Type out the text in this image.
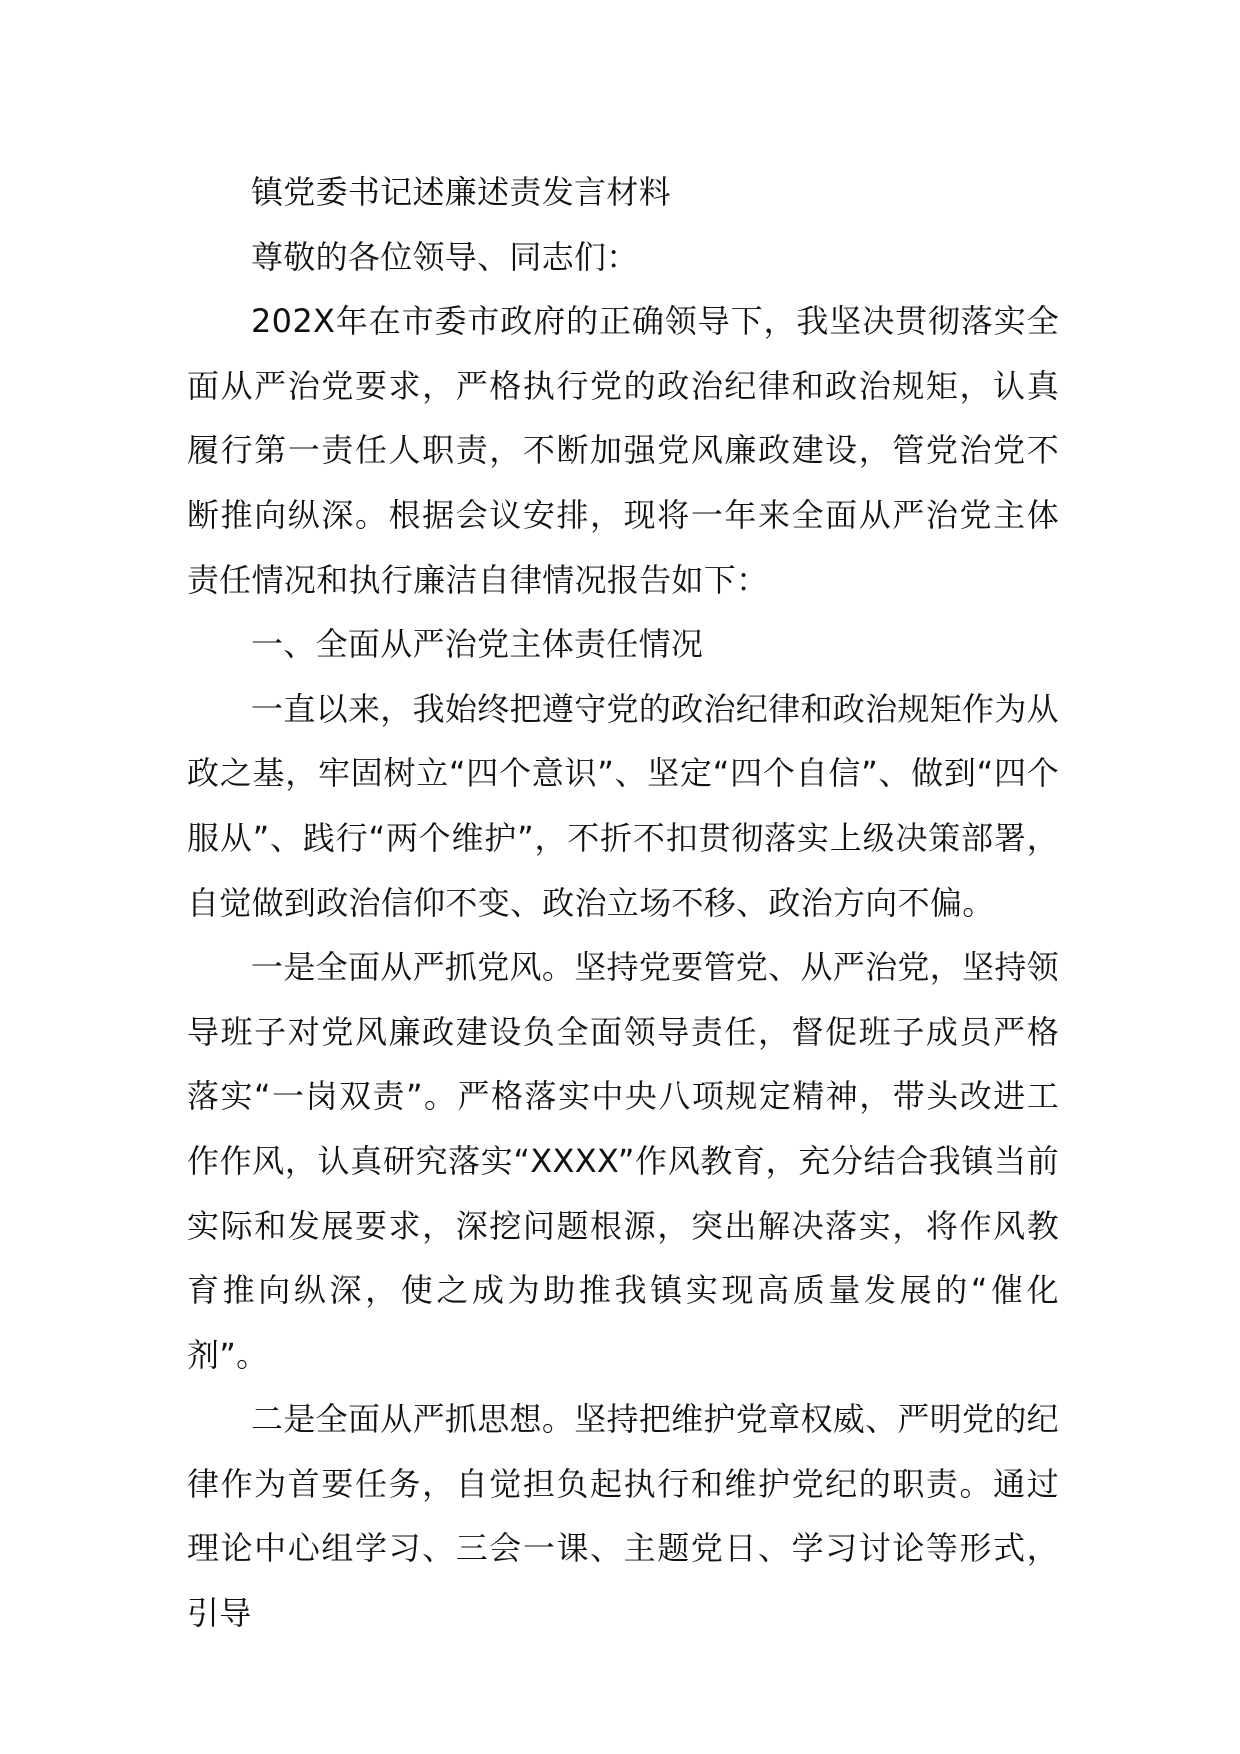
镇党委书记述廉述责发言材料

尊敬的各位领导、同志们：

202X年在市委市政府的正确领导下，我坚决贯彻落实全面从严治党要求，严格执行党的政治纪律和政治规矩，认真履行第一责任人职责，不断加强党风廉政建设，管党治党不断推向纵深。根据会议安排，现将一年来全面从严治党主体责任情况和执行廉洁自律情况报告如下：

一、全面从严治党主体责任情况

一直以来，我始终把遵守党的政治纪律和政治规矩作为从政之基，牢固树立“四个意识”、坚定“四个自信”、做到“四个服从”、践行“两个维护”，不折不扣贯彻落实上级决策部署，自觉做到政治信仰不变、政治立场不移、政治方向不偏。

一是全面从严抓党风。坚持党要管党、从严治党，坚持领导班子对党风廉政建设负全面领导责任，督促班子成员严格落实“一岗双责”。严格落实中央八项规定精神，带头改进工作作风，认真研究落实“XXXX”作风教育，充分结合我镇当前实际和发展要求，深挖问题根源，突出解决落实，将作风教育推向纵深，使之成为助推我镇实现高质量发展的“催化剂”。

二是全面从严抓思想。坚持把维护党章权威、严明党的纪律作为首要任务，自觉担负起执行和维护党纪的职责。通过理论中心组学习、三会一课、主题党日、学习讨论等形式，引导
